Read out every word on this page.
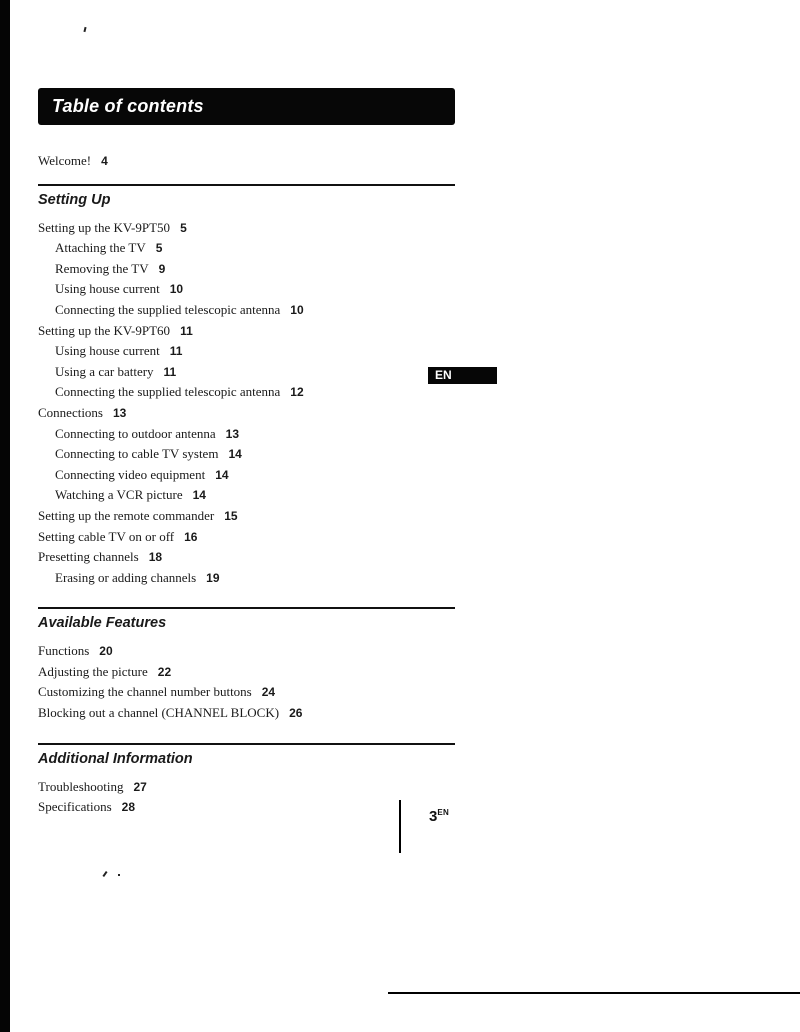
Table of contents
Welcome! 4
Setting Up
Setting up the KV-9PT50 5
Attaching the TV 5
Removing the TV 9
Using house current 10
Connecting the supplied telescopic antenna 10
Setting up the KV-9PT60 11
Using house current 11
Using a car battery 11
Connecting the supplied telescopic antenna 12
Connections 13
Connecting to outdoor antenna 13
Connecting to cable TV system 14
Connecting video equipment 14
Watching a VCR picture 14
Setting up the remote commander 15
Setting cable TV on or off 16
Presetting channels 18
Erasing or adding channels 19
Available Features
Functions 20
Adjusting the picture 22
Customizing the channel number buttons 24
Blocking out a channel (CHANNEL BLOCK) 26
Additional Information
Troubleshooting 27
Specifications 28
EN
$3^{EN}$
